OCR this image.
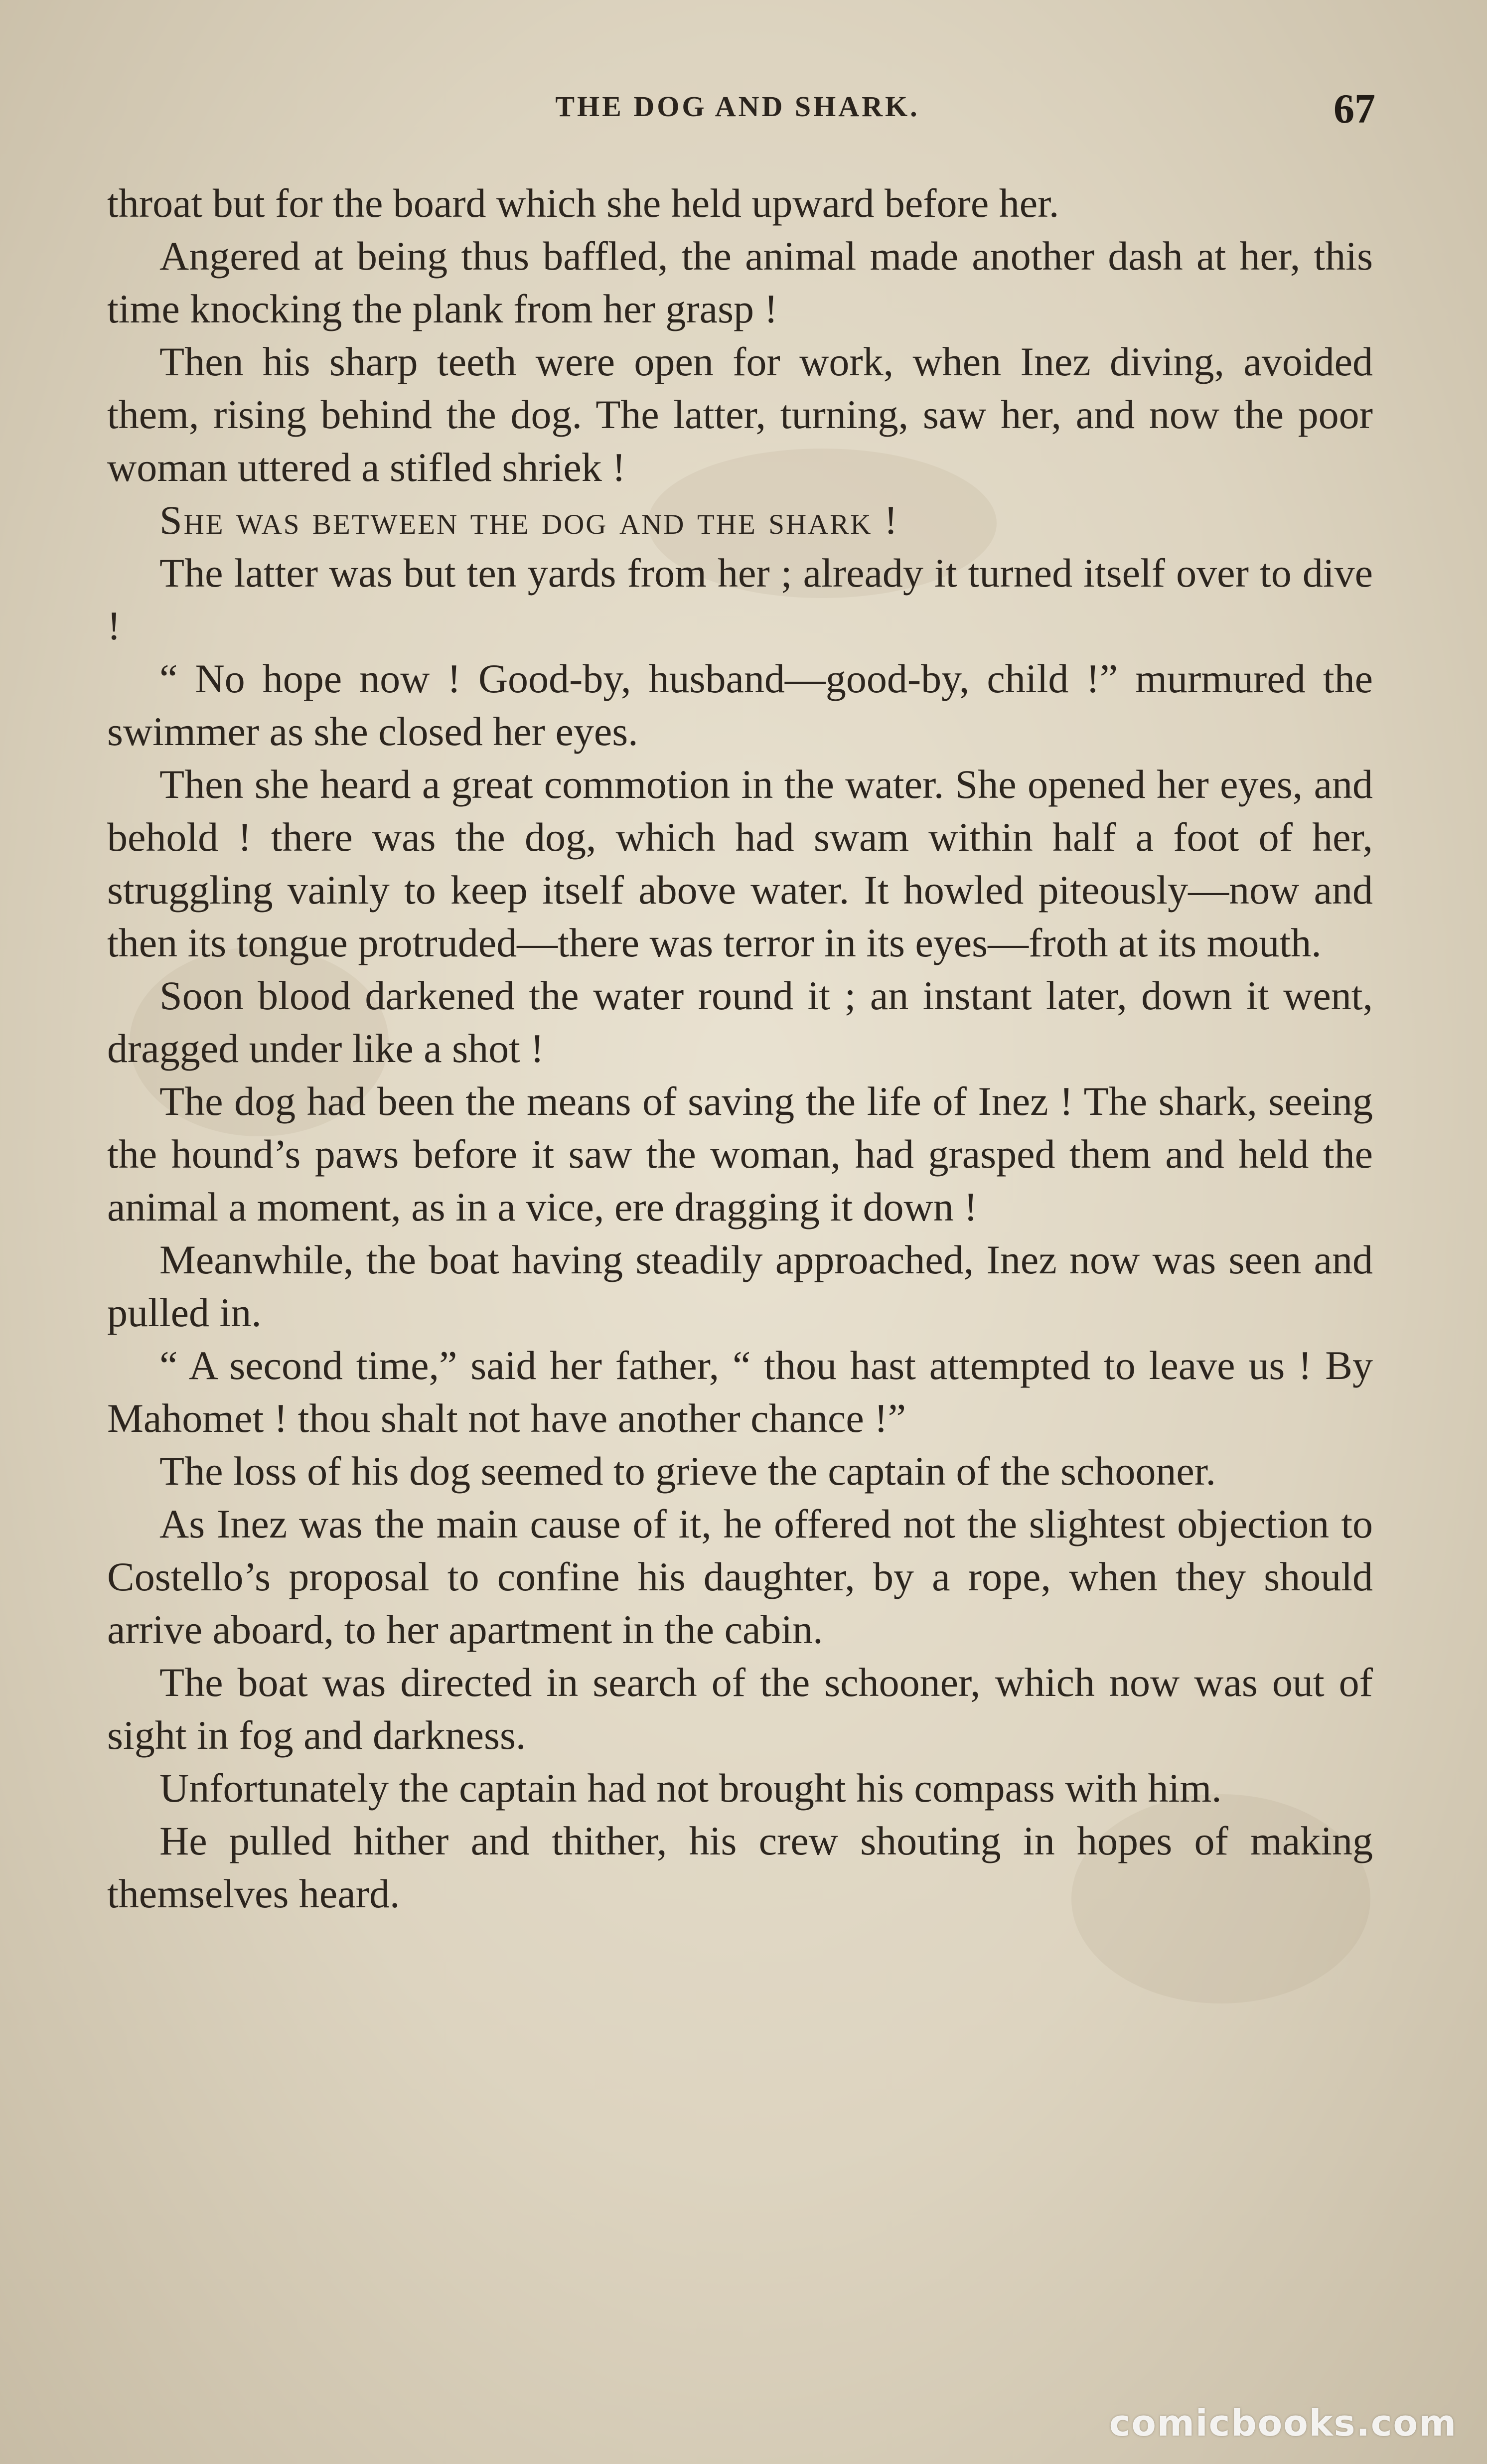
THE DOG AND SHARK.	67

throat but for the board which she held upward before her.

Angered at being thus baffled, the animal made another dash at her, this time knocking the plank from her grasp !

Then his sharp teeth were open for work, when Inez diving, avoided them, rising behind the dog. The latter, turning, saw her, and now the poor woman uttered a stifled shriek !

She was between the dog and the shark !

The latter was but ten yards from her ; already it turned itself over to dive !

“ No hope now ! Good-by, husband—good-by, child !” murmured the swimmer as she closed her eyes.

Then she heard a great commotion in the water. She opened her eyes, and behold ! there was the dog, which had swam within half a foot of her, struggling vainly to keep itself above water. It howled piteously—now and then its tongue protruded—there was terror in its eyes—froth at its mouth.

Soon blood darkened the water round it ; an instant later, down it went, dragged under like a shot !

The dog had been the means of saving the life of Inez ! The shark, seeing the hound’s paws before it saw the woman, had grasped them and held the animal a moment, as in a vice, ere dragging it down !

Meanwhile, the boat having steadily approached, Inez now was seen and pulled in.

“ A second time,” said her father, “ thou hast attempted to leave us ! By Mahomet ! thou shalt not have another chance !”

The loss of his dog seemed to grieve the captain of the schooner.

As Inez was the main cause of it, he offered not the slightest objection to Costello’s proposal to confine his daughter, by a rope, when they should arrive aboard, to her apartment in the cabin.

The boat was directed in search of the schooner, which now was out of sight in fog and darkness.

Unfortunately the captain had not brought his compass with him.

He pulled hither and thither, his crew shouting in hopes of making themselves heard.

comicbooks.com
